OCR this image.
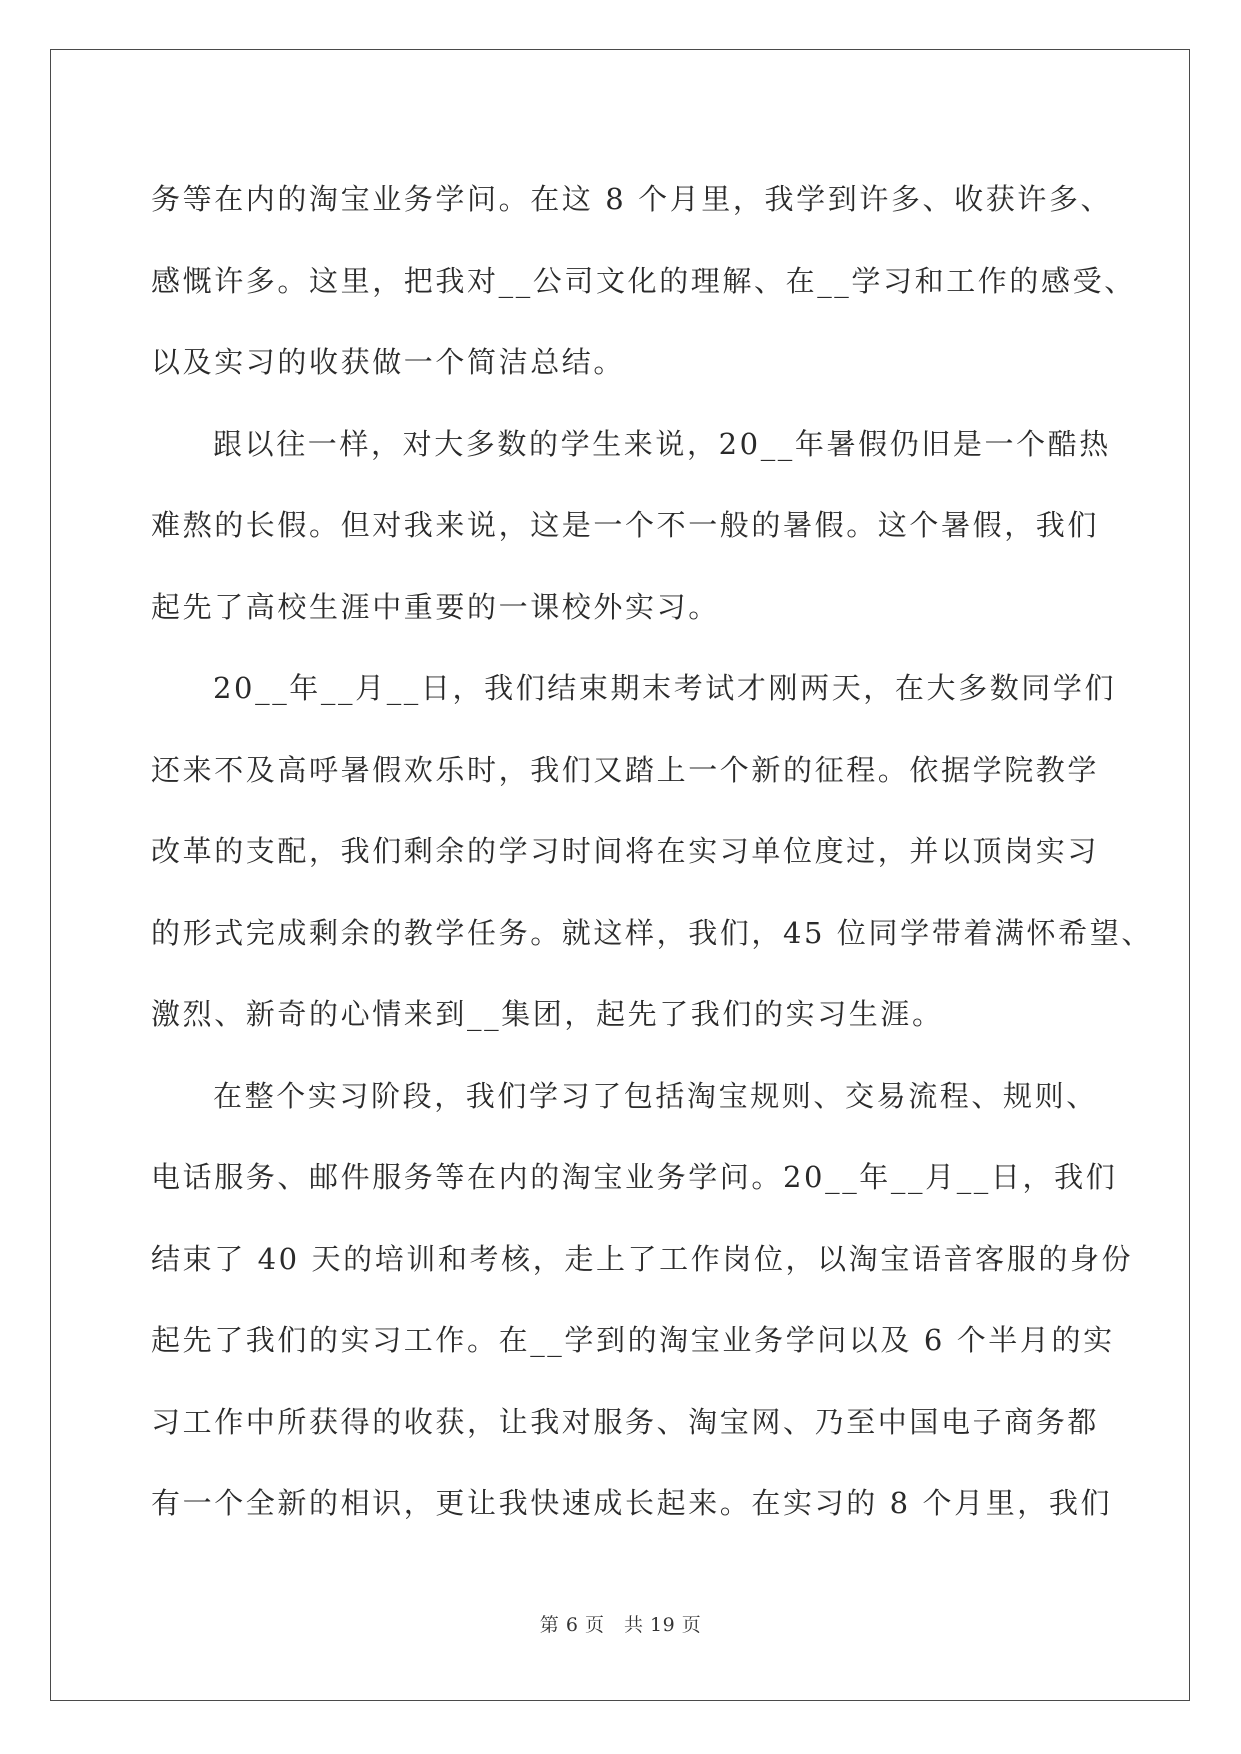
务等在内的淘宝业务学问。在这 8 个月里，我学到许多、收获许多、
感慨许多。这里，把我对__公司文化的理解、在__学习和工作的感受、
以及实习的收获做一个简洁总结。

跟以往一样，对大多数的学生来说，20__年暑假仍旧是一个酷热
难熬的长假。但对我来说，这是一个不一般的暑假。这个暑假，我们
起先了高校生涯中重要的一课校外实习。

20__年__月__日，我们结束期末考试才刚两天，在大多数同学们
还来不及高呼暑假欢乐时，我们又踏上一个新的征程。依据学院教学
改革的支配，我们剩余的学习时间将在实习单位度过，并以顶岗实习
的形式完成剩余的教学任务。就这样，我们，45 位同学带着满怀希望、
激烈、新奇的心情来到__集团，起先了我们的实习生涯。

在整个实习阶段，我们学习了包括淘宝规则、交易流程、规则、
电话服务、邮件服务等在内的淘宝业务学问。20__年__月__日，我们
结束了 40 天的培训和考核，走上了工作岗位，以淘宝语音客服的身份
起先了我们的实习工作。在__学到的淘宝业务学问以及 6 个半月的实
习工作中所获得的收获，让我对服务、淘宝网、乃至中国电子商务都
有一个全新的相识，更让我快速成长起来。在实习的 8 个月里，我们

第 6 页　共 19 页
